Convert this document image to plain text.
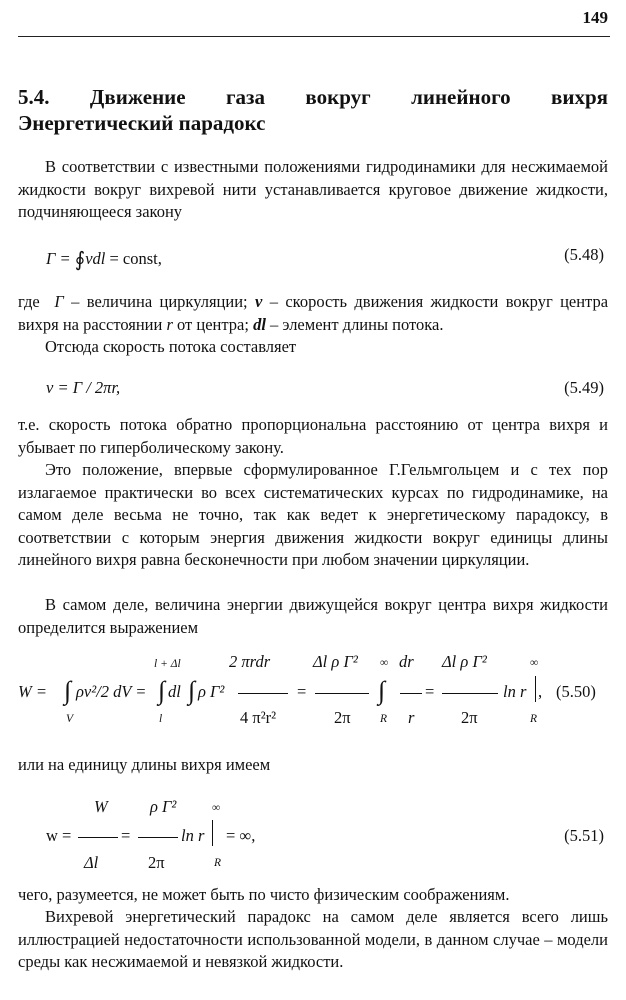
149
5.4. Движение газа вокруг линейного вихря
Энергетический парадокс
В соответствии с известными положениями гидродинамики для несжимаемой жидкости вокруг вихревой нити устанавливается круговое движение жидкости, подчиняющееся закону
Γ = ∮vdl = const,	(5.48)
где Γ – величина циркуляции; v – скорость движения жидкости вокруг центра вихря на расстоянии r от центра; dl – элемент длины потока.
Отсюда скорость потока составляет
v = Γ / 2πr,	(5.49)
т.е. скорость потока обратно пропорциональна расстоянию от центра вихря и убывает по гиперболическому закону.
Это положение, впервые сформулированное Г.Гельмгольцем и с тех пор излагаемое практически во всех систематических курсах по гидродинамике, на самом деле весьма не точно, так как ведет к энергетическому парадоксу, в соответствии с которым энергия движения жидкости вокруг единицы длины линейного вихря равна бесконечности при любом значении циркуляции.
В самом деле, величина энергии движущейся вокруг центра вихря жидкости определится выражением
l + Δl	2 πrdr	Δl ρ Γ² ∞ dr Δl ρ Γ²	∞
W = ∫ ρv²/2 dV = ∫ dl ∫ ρ Γ²	=	∫ =	ln r , (5.50)
V	l	4 π²r²	2π	R r	2π	R
или на единицу длины вихря имеем
W	ρ Γ²	∞
w =	=	ln r = ∞,	(5.51)
Δl	2π	R
чего, разумеется, не может быть по чисто физическим соображениям.
Вихревой энергетический парадокс на самом деле является всего лишь иллюстрацией недостаточности использованной модели, в данном случае – модели среды как несжимаемой и невязкой жидкости.
